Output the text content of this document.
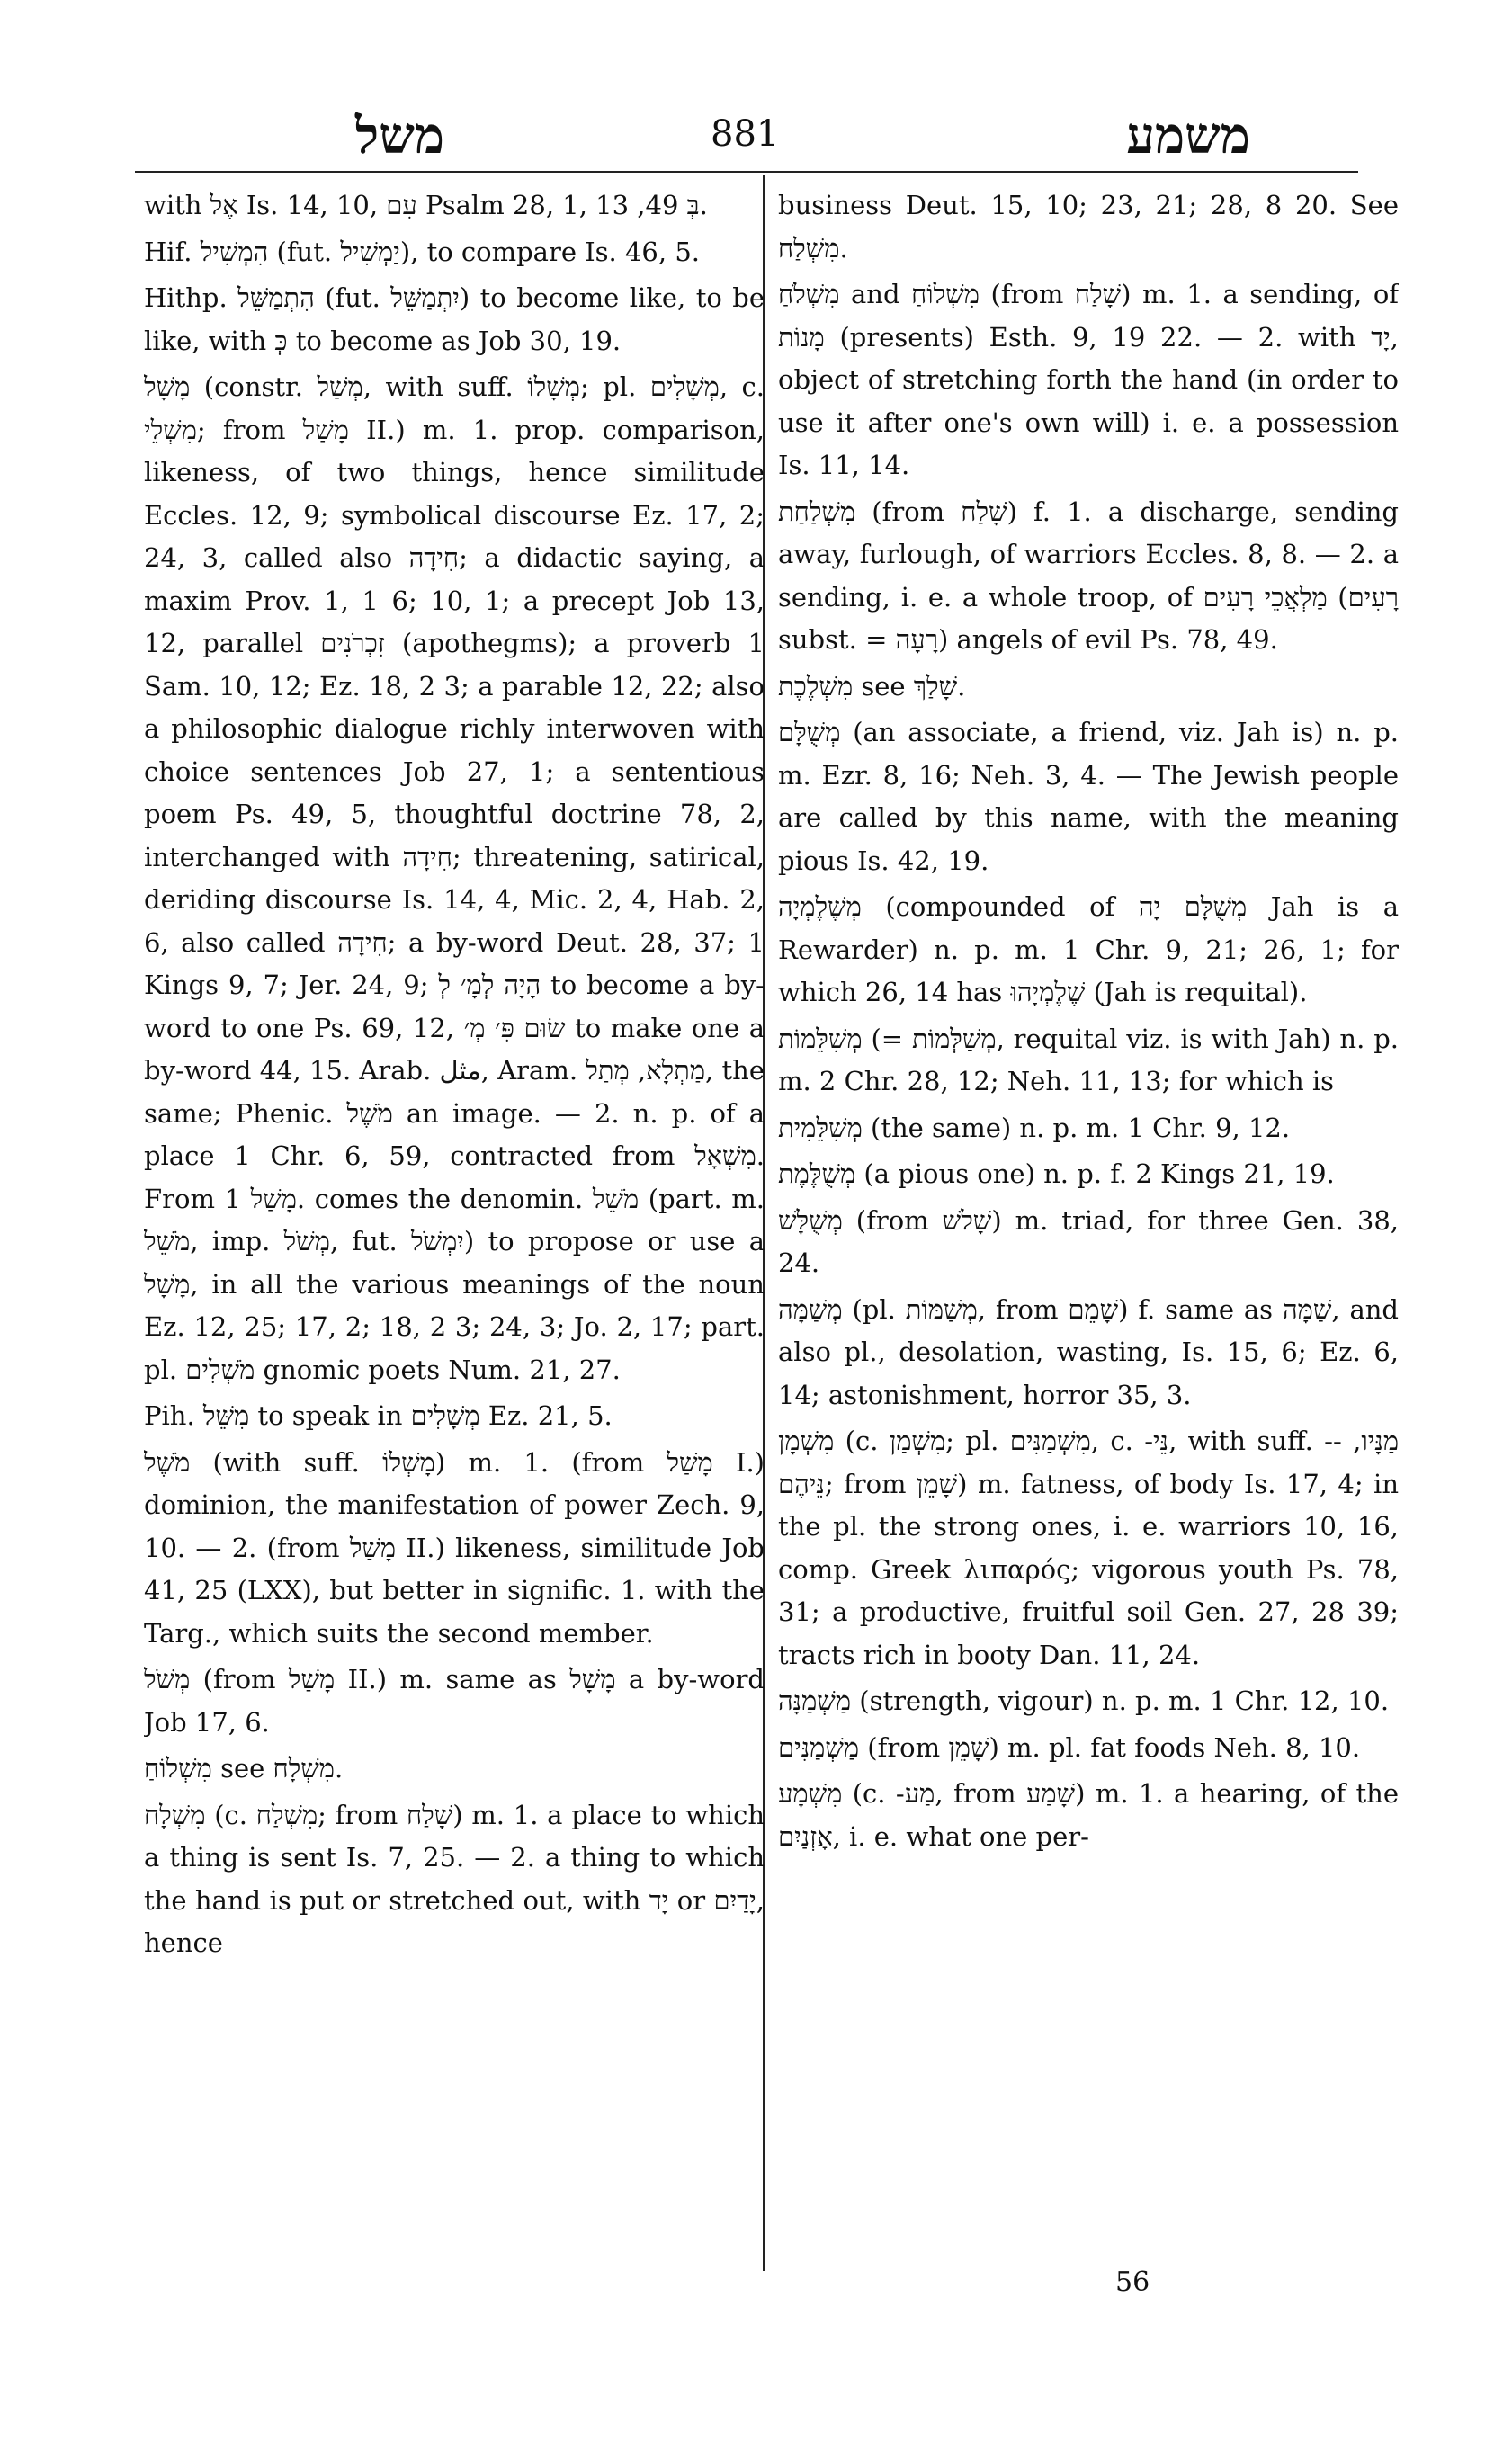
משל	881	משמע

with אֶל Is. 14, 10, עִם Psalm 28, 1, בְּ 49, 13.

Hif. הִמְשִׁיל (fut. יַמְשִׁיל), to compare Is. 46, 5.

Hithp. הִתְמַשֵּׁל (fut. יִתְמַשֵּׁל) to become like, to be like, with כְּ to become as Job 30, 19.

מָשָׁל (constr. מְשַׁל, with suff. מְשָׁלוֹ; pl. מְשָׁלִים, c. מִשְׁלֵי; from מָשַׁל II.) m. 1. prop. comparison, likeness, of two things, hence similitude Eccles. 12, 9; symbolical discourse Ez. 17, 2; 24, 3, called also חִידָה; a didactic saying, a maxim Prov. 1, 1 6; 10, 1; a precept Job 13, 12, parallel זִכְרֹנִים (apothegms); a proverb 1 Sam. 10, 12; Ez. 18, 2 3; a parable 12, 22; also a philosophic dialogue richly interwoven with choice sentences Job 27, 1; a sententious poem Ps. 49, 5, thoughtful doctrine 78, 2, interchanged with חִידָה; threatening, satirical, deriding discourse Is. 14, 4, Mic. 2, 4, Hab. 2, 6, also called חִידָה; a by-word Deut. 28, 37; 1 Kings 9, 7; Jer. 24, 9; הָיָה לְמָ׳ לְ to become a by-word to one Ps. 69, 12, שׂוּם פִּ׳ מְ׳ to make one a by-word 44, 15. Arab. مثل, Aram. מַתְלָא, מְתַל, the same; Phenic. מֹשֶׁל an image. — 2. n. p. of a place 1 Chr. 6, 59, contracted from מִשְׁאָל. From מָשַׁל 1. comes the denomin. מֹשֵׁל (part. m. מֹשֵׁל, imp. מְשֹׁל, fut. יִמְשֹׁל) to propose or use a מָשָׁל, in all the various meanings of the noun Ez. 12, 25; 17, 2; 18, 2 3; 24, 3; Jo. 2, 17; part. pl. מֹשְׁלִים gnomic poets Num. 21, 27.

Pih. מִשֵּׁל to speak in מְשָׁלִים Ez. 21, 5.

מֹשֶׁל (with suff. מָשְׁלוֹ) m. 1. (from מָשַׁל I.) dominion, the manifestation of power Zech. 9, 10. — 2. (from מָשַׁל II.) likeness, similitude Job 41, 25 (LXX), but better in signific. 1. with the Targ., which suits the second member.

מְשֹׁל (from מָשַׁל II.) m. same as מָשָׁל a by-word Job 17, 6.

מִשְׁלוֹחַ see מִשְׁלָח.

מִשְׁלָח (c. מִשְׁלַח; from שָׁלַח) m. 1. a place to which a thing is sent Is. 7, 25. — 2. a thing to which the hand is put or stretched out, with יָד or יָדַיִם, hence

business Deut. 15, 10; 23, 21; 28, 8 20. See מִשְׁלַח.

מִשְׁלֹחַ and מִשְׁלוֹחַ (from שָׁלַח) m. 1. a sending, of מָנוֹת (presents) Esth. 9, 19 22. — 2. with יָד, object of stretching forth the hand (in order to use it after one's own will) i. e. a possession Is. 11, 14.

מִשְׁלַחַת (from שָׁלַח) f. 1. a discharge, sending away, furlough, of warriors Eccles. 8, 8. — 2. a sending, i. e. a whole troop, of מַלְאֲכֵי רָעִים (רָעִים subst. = רָעָה) angels of evil Ps. 78, 49.

מִשְׁלֶכֶת see שָׁלַךְ.

מְשֻׁלָּם (an associate, a friend, viz. Jah is) n. p. m. Ezr. 8, 16; Neh. 3, 4. — The Jewish people are called by this name, with the meaning pious Is. 42, 19.

מְשֶׁלֶמְיָה (compounded of מְשֻׁלָּם יָה Jah is a Rewarder) n. p. m. 1 Chr. 9, 21; 26, 1; for which 26, 14 has שֶׁלֶמְיָהוּ (Jah is requital).

מְשִׁלֵּמוֹת (= מְשַׁלְּמוֹת, requital viz. is with Jah) n. p. m. 2 Chr. 28, 12; Neh. 11, 13; for which is

מְשִׁלֵּמִית (the same) n. p. m. 1 Chr. 9, 12.

מְשֻׁלֶּמֶת (a pious one) n. p. f. 2 Kings 21, 19.

מְשֻׁלָּשׁ (from שָׁלֹשׁ) m. triad, for three Gen. 38, 24.

מְשַׁמָּה (pl. מְשַׁמּוֹת, from שָׁמֵם) f. same as שַׁמָּה, and also pl., desolation, wasting, Is. 15, 6; Ez. 6, 14; astonishment, horror 35, 3.

מִשְׁמָן (c. מִשְׁמַן; pl. מִשְׁמַנִּים, c. -נֵּי, with suff. -מַנָּיו, -נֵּיהֶם; from שָׁמֵן) m. fatness, of body Is. 17, 4; in the pl. the strong ones, i. e. warriors 10, 16, comp. Greek λιπαρός; vigorous youth Ps. 78, 31; a productive, fruitful soil Gen. 27, 28 39; tracts rich in booty Dan. 11, 24.

מַשְׁמַנָּה (strength, vigour) n. p. m. 1 Chr. 12, 10.

מַשְׁמַנִּים (from שָׁמֵן) m. pl. fat foods Neh. 8, 10.

מִשְׁמָע (c. -מַע, from שָׁמַע) m. 1. a hearing, of the אָזְנַיִם, i. e. what one per-

56
